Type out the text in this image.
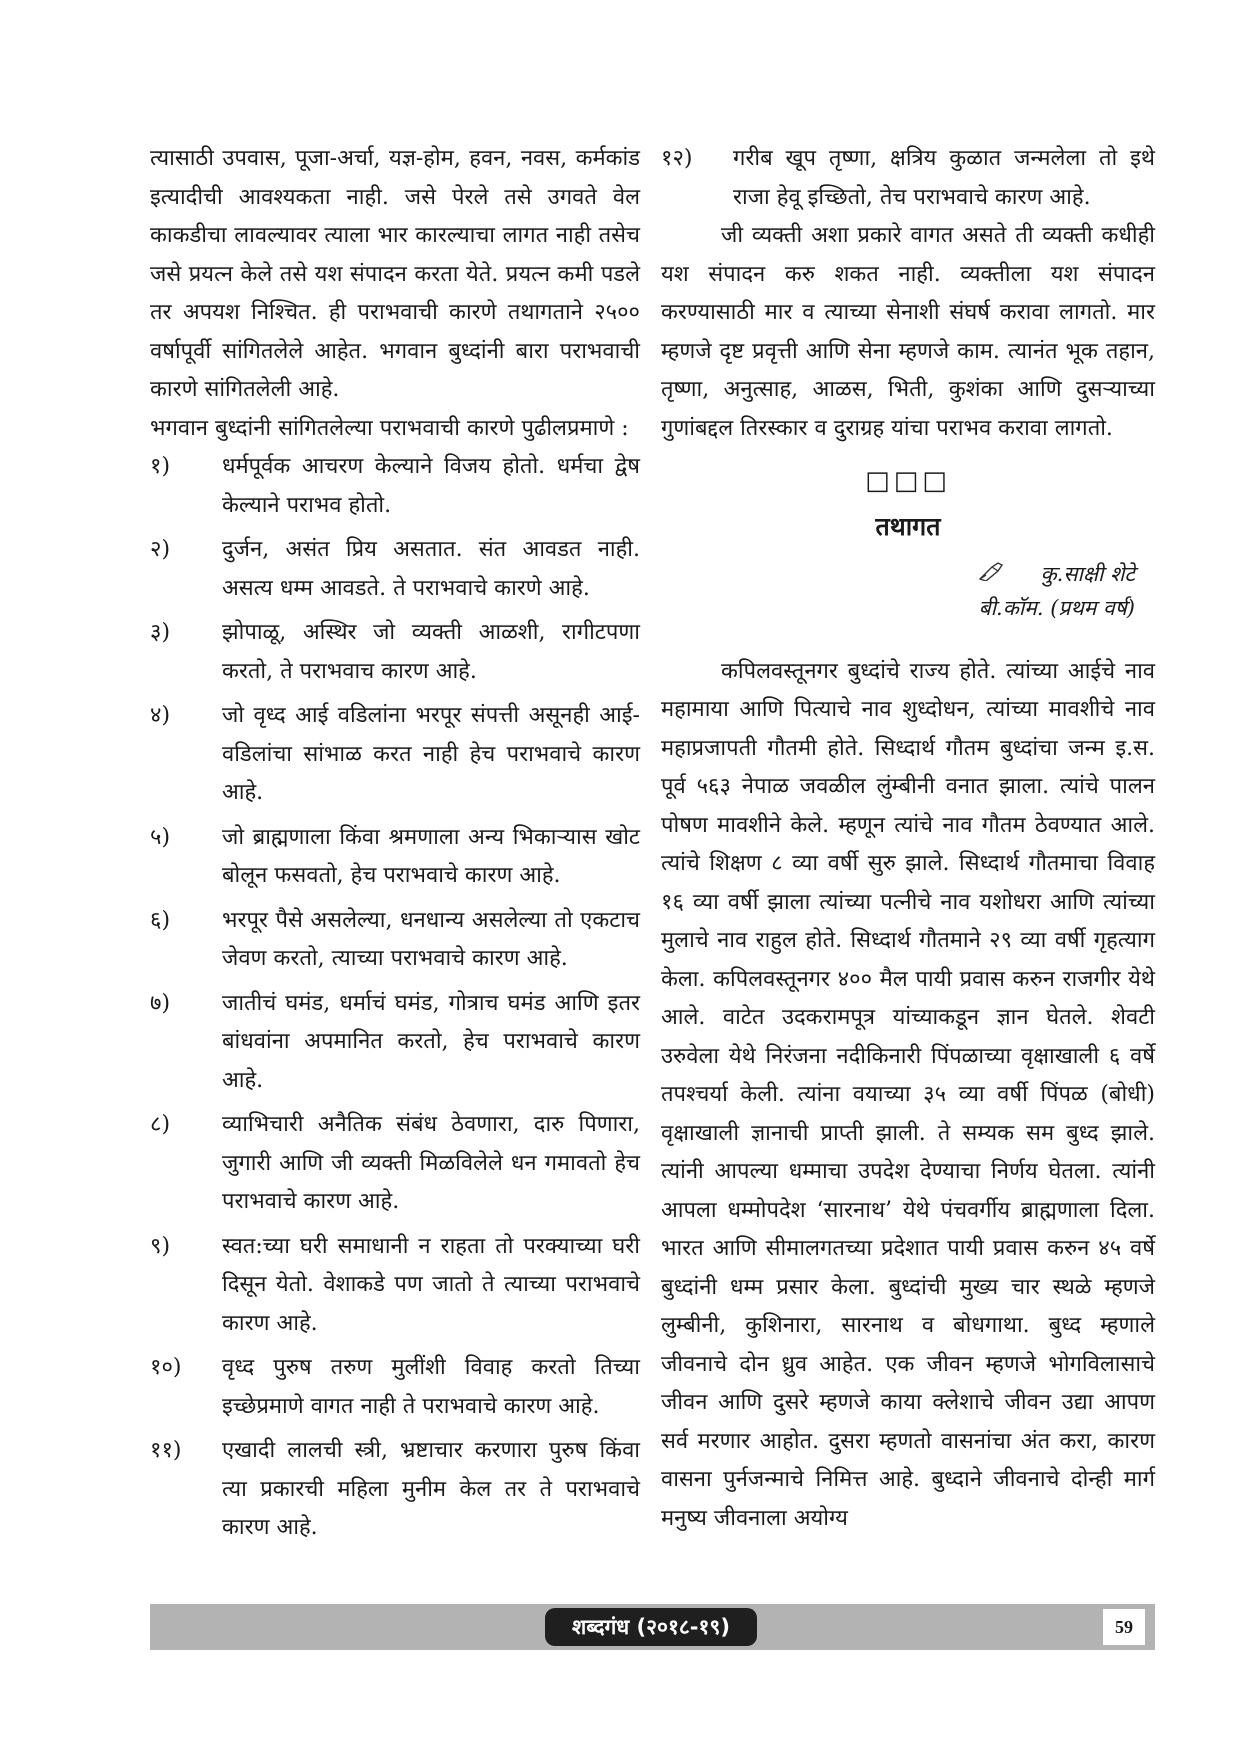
त्यासाठी उपवास, पूजा-अर्चा, यज्ञ-होम, हवन, नवस, कर्मकांड इत्यादीची आवश्यकता नाही. जसे पेरले तसे उगवते वेल काकडीचा लावल्यावर त्याला भार कारल्याचा लागत नाही तसेच जसे प्रयत्न केले तसे यश संपादन करता येते. प्रयत्न कमी पडले तर अपयश निश्चित. ही पराभवाची कारणे तथागताने २५०० वर्षापूर्वी सांगितलेले आहेत. भगवान बुध्दांनी बारा पराभवाची कारणे सांगितलेली आहे.

भगवान बुध्दांनी सांगितलेल्या पराभवाची कारणे पुढीलप्रमाणे :

१)	धर्मपूर्वक आचरण केल्याने विजय होतो. धर्मचा द्वेष केल्याने पराभव होतो.
२)	दुर्जन, असंत प्रिय असतात. संत आवडत नाही. असत्य धम्म आवडते. ते पराभवाचे कारणे आहे.
३)	झोपाळू, अस्थिर जो व्यक्ती आळशी, रागीटपणा करतो, ते पराभवाच कारण आहे.
४)	जो वृध्द आई वडिलांना भरपूर संपत्ती असूनही आई-वडिलांचा सांभाळ करत नाही हेच पराभवाचे कारण आहे.
५)	जो ब्राह्मणाला किंवा श्रमणाला अन्य भिकाऱ्यास खोट बोलून फसवतो, हेच पराभवाचे कारण आहे.
६)	भरपूर पैसे असलेल्या, धनधान्य असलेल्या तो एकटाच जेवण करतो, त्याच्या पराभवाचे कारण आहे.
७)	जातीचं घमंड, धर्माचं घमंड, गोत्राच घमंड आणि इतर बांधवांना अपमानित करतो, हेच पराभवाचे कारण आहे.
८)	व्याभिचारी अनैतिक संबंध ठेवणारा, दारु पिणारा, जुगारी आणि जी व्यक्ती मिळविलेले धन गमावतो हेच पराभवाचे कारण आहे.
९)	स्वत:च्या घरी समाधानी न राहता तो परक्याच्या घरी दिसून येतो. वेशाकडे पण जातो ते त्याच्या पराभवाचे कारण आहे.
१०)	वृध्द पुरुष तरुण मुलींशी विवाह करतो तिच्या इच्छेप्रमाणे वागत नाही ते पराभवाचे कारण आहे.
११)	एखादी लालची स्त्री, भ्रष्टाचार करणारा पुरुष किंवा त्या प्रकारची महिला मुनीम केल तर ते पराभवाचे कारण आहे.
१२)	गरीब खूप तृष्णा, क्षत्रिय कुळात जन्मलेला तो इथे राजा हेवू इच्छितो, तेच पराभवाचे कारण आहे.

जी व्यक्ती अशा प्रकारे वागत असते ती व्यक्ती कधीही यश संपादन करु शकत नाही. व्यक्तीला यश संपादन करण्यासाठी मार व त्याच्या सेनाशी संघर्ष करावा लागतो. मार म्हणजे दृष्ट प्रवृत्ती आणि सेना म्हणजे काम. त्यानंत भूक तहान, तृष्णा, अनुत्साह, आळस, भिती, कुशंका आणि दुसऱ्याच्या गुणांबद्दल तिरस्कार व दुराग्रह यांचा पराभव करावा लागतो.

□□□
तथागत
कु.साक्षी शेटे
बी.कॉम. (प्रथम वर्ष)

कपिलवस्तूनगर बुध्दांचे राज्य होते. त्यांच्या आईचे नाव महामाया आणि पित्याचे नाव शुध्दोधन, त्यांच्या मावशीचे नाव महाप्रजापती गौतमी होते. सिध्दार्थ गौतम बुध्दांचा जन्म इ.स. पूर्व ५६३ नेपाळ जवळील लुंम्बीनी वनात झाला. त्यांचे पालन पोषण मावशीने केले. म्हणून त्यांचे नाव गौतम ठेवण्यात आले. त्यांचे शिक्षण ८ व्या वर्षी सुरु झाले. सिध्दार्थ गौतमाचा विवाह १६ व्या वर्षी झाला त्यांच्या पत्नीचे नाव यशोधरा आणि त्यांच्या मुलाचे नाव राहुल होते. सिध्दार्थ गौतमाने २९ व्या वर्षी गृहत्याग केला. कपिलवस्तूनगर ४०० मैल पायी प्रवास करुन राजगीर येथे आले. वाटेत उदकरामपूत्र यांच्याकडून ज्ञान घेतले. शेवटी उरुवेला येथे निरंजना नदीकिनारी पिंपळाच्या वृक्षाखाली ६ वर्षे तपश्चर्या केली. त्यांना वयाच्या ३५ व्या वर्षी पिंपळ (बोधी) वृक्षाखाली ज्ञानाची प्राप्ती झाली. ते सम्यक सम बुध्द झाले. त्यांनी आपल्या धम्माचा उपदेश देण्याचा निर्णय घेतला. त्यांनी आपला धम्मोपदेश ‘सारनाथ’ येथे पंचवर्गीय ब्राह्मणाला दिला. भारत आणि सीमालगतच्या प्रदेशात पायी प्रवास करुन ४५ वर्षे बुध्दांनी धम्म प्रसार केला. बुध्दांची मुख्य चार स्थळे म्हणजे लुम्बीनी, कुशिनारा, सारनाथ व बोधगाथा. बुध्द म्हणाले जीवनाचे दोन ध्रुव आहेत. एक जीवन म्हणजे भोगविलासाचे जीवन आणि दुसरे म्हणजे काया क्लेशाचे जीवन उद्या आपण सर्व मरणार आहोत. दुसरा म्हणतो वासनांचा अंत करा, कारण वासना पुर्नजन्माचे निमित्त आहे. बुध्दाने जीवनाचे दोन्ही मार्ग मनुष्य जीवनाला अयोग्य

शब्दगंध (२०१८-१९)	59
